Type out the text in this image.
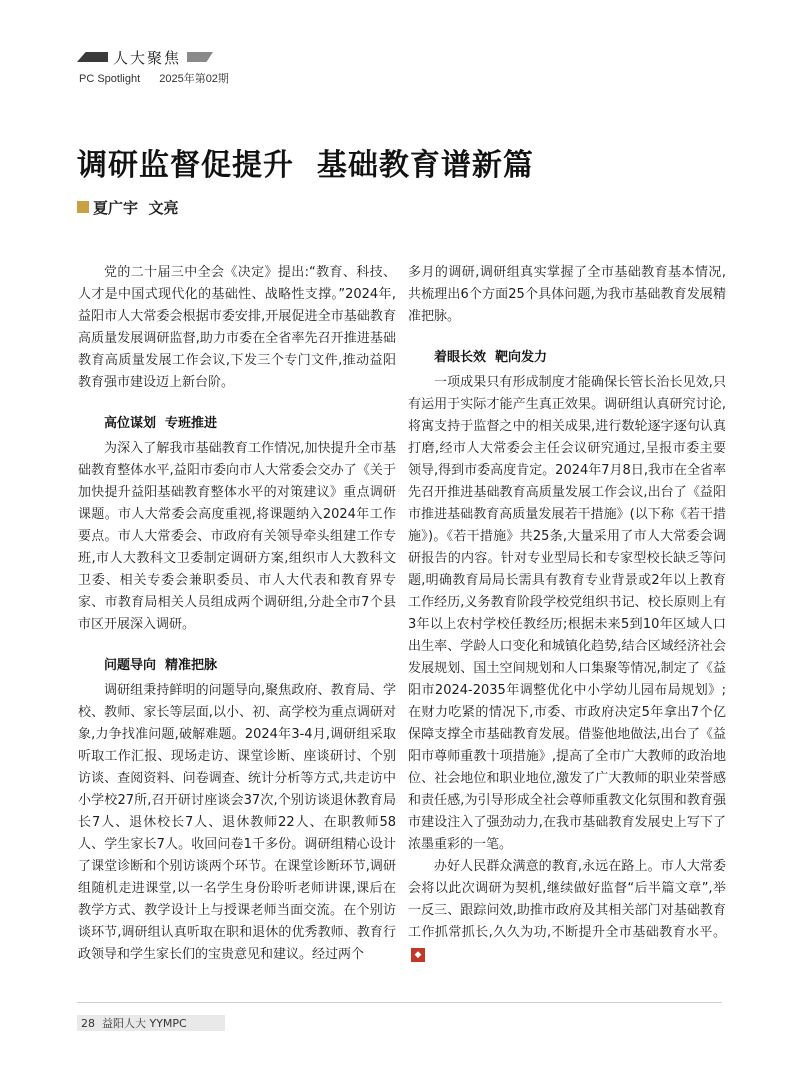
人大聚焦
PC Spotlight 2025年第02期
调研监督促提升  基础教育谱新篇
夏广宇  文亮

党的二十届三中全会《决定》提出:“教育、科技、人才是中国式现代化的基础性、战略性支撑。”2024年,益阳市人大常委会根据市委安排,开展促进全市基础教育高质量发展调研监督,助力市委在全省率先召开推进基础教育高质量发展工作会议,下发三个专门文件,推动益阳教育强市建设迈上新台阶。

高位谋划  专班推进

为深入了解我市基础教育工作情况,加快提升全市基础教育整体水平,益阳市委向市人大常委会交办了《关于加快提升益阳基础教育整体水平的对策建议》重点调研课题。市人大常委会高度重视,将课题纳入2024年工作要点。市人大常委会、市政府有关领导牵头组建工作专班,市人大教科文卫委制定调研方案,组织市人大教科文卫委、相关专委会兼职委员、市人大代表和教育界专家、市教育局相关人员组成两个调研组,分赴全市7个县市区开展深入调研。

问题导向  精准把脉

调研组秉持鲜明的问题导向,聚焦政府、教育局、学校、教师、家长等层面,以小、初、高学校为重点调研对象,力争找准问题,破解难题。2024年3-4月,调研组采取听取工作汇报、现场走访、课堂诊断、座谈研讨、个别访谈、查阅资料、问卷调查、统计分析等方式,共走访中小学校27所,召开研讨座谈会37次,个别访谈退休教育局长7人、退休校长7人、退休教师22人、在职教师58人、学生家长7人。收回问卷1千多份。调研组精心设计了课堂诊断和个别访谈两个环节。在课堂诊断环节,调研组随机走进课堂,以一名学生身份聆听老师讲课,课后在教学方式、教学设计上与授课老师当面交流。在个别访谈环节,调研组认真听取在职和退休的优秀教师、教育行政领导和学生家长们的宝贵意见和建议。经过两个

多月的调研,调研组真实掌握了全市基础教育基本情况,共梳理出6个方面25个具体问题,为我市基础教育发展精准把脉。

着眼长效  靶向发力

一项成果只有形成制度才能确保长管长治长见效,只有运用于实际才能产生真正效果。调研组认真研究讨论,将寓支持于监督之中的相关成果,进行数轮逐字逐句认真打磨,经市人大常委会主任会议研究通过,呈报市委主要领导,得到市委高度肯定。2024年7月8日,我市在全省率先召开推进基础教育高质量发展工作会议,出台了《益阳市推进基础教育高质量发展若干措施》(以下称《若干措施》)。《若干措施》共25条,大量采用了市人大常委会调研报告的内容。针对专业型局长和专家型校长缺乏等问题,明确教育局局长需具有教育专业背景或2年以上教育工作经历,义务教育阶段学校党组织书记、校长原则上有3年以上农村学校任教经历;根据未来5到10年区域人口出生率、学龄人口变化和城镇化趋势,结合区域经济社会发展规划、国土空间规划和人口集聚等情况,制定了《益阳市2024-2035年调整优化中小学幼儿园布局规划》;在财力吃紧的情况下,市委、市政府决定5年拿出7个亿保障支撑全市基础教育发展。借鉴他地做法,出台了《益阳市尊师重教十项措施》,提高了全市广大教师的政治地位、社会地位和职业地位,激发了广大教师的职业荣誉感和责任感,为引导形成全社会尊师重教文化氛围和教育强市建设注入了强劲动力,在我市基础教育发展史上写下了浓墨重彩的一笔。

办好人民群众满意的教育,永远在路上。市人大常委会将以此次调研为契机,继续做好监督“后半篇文章”,举一反三、跟踪问效,助推市政府及其相关部门对基础教育工作抓常抓长,久久为功,不断提升全市基础教育水平。◆

28 益阳人大 YYMPC
